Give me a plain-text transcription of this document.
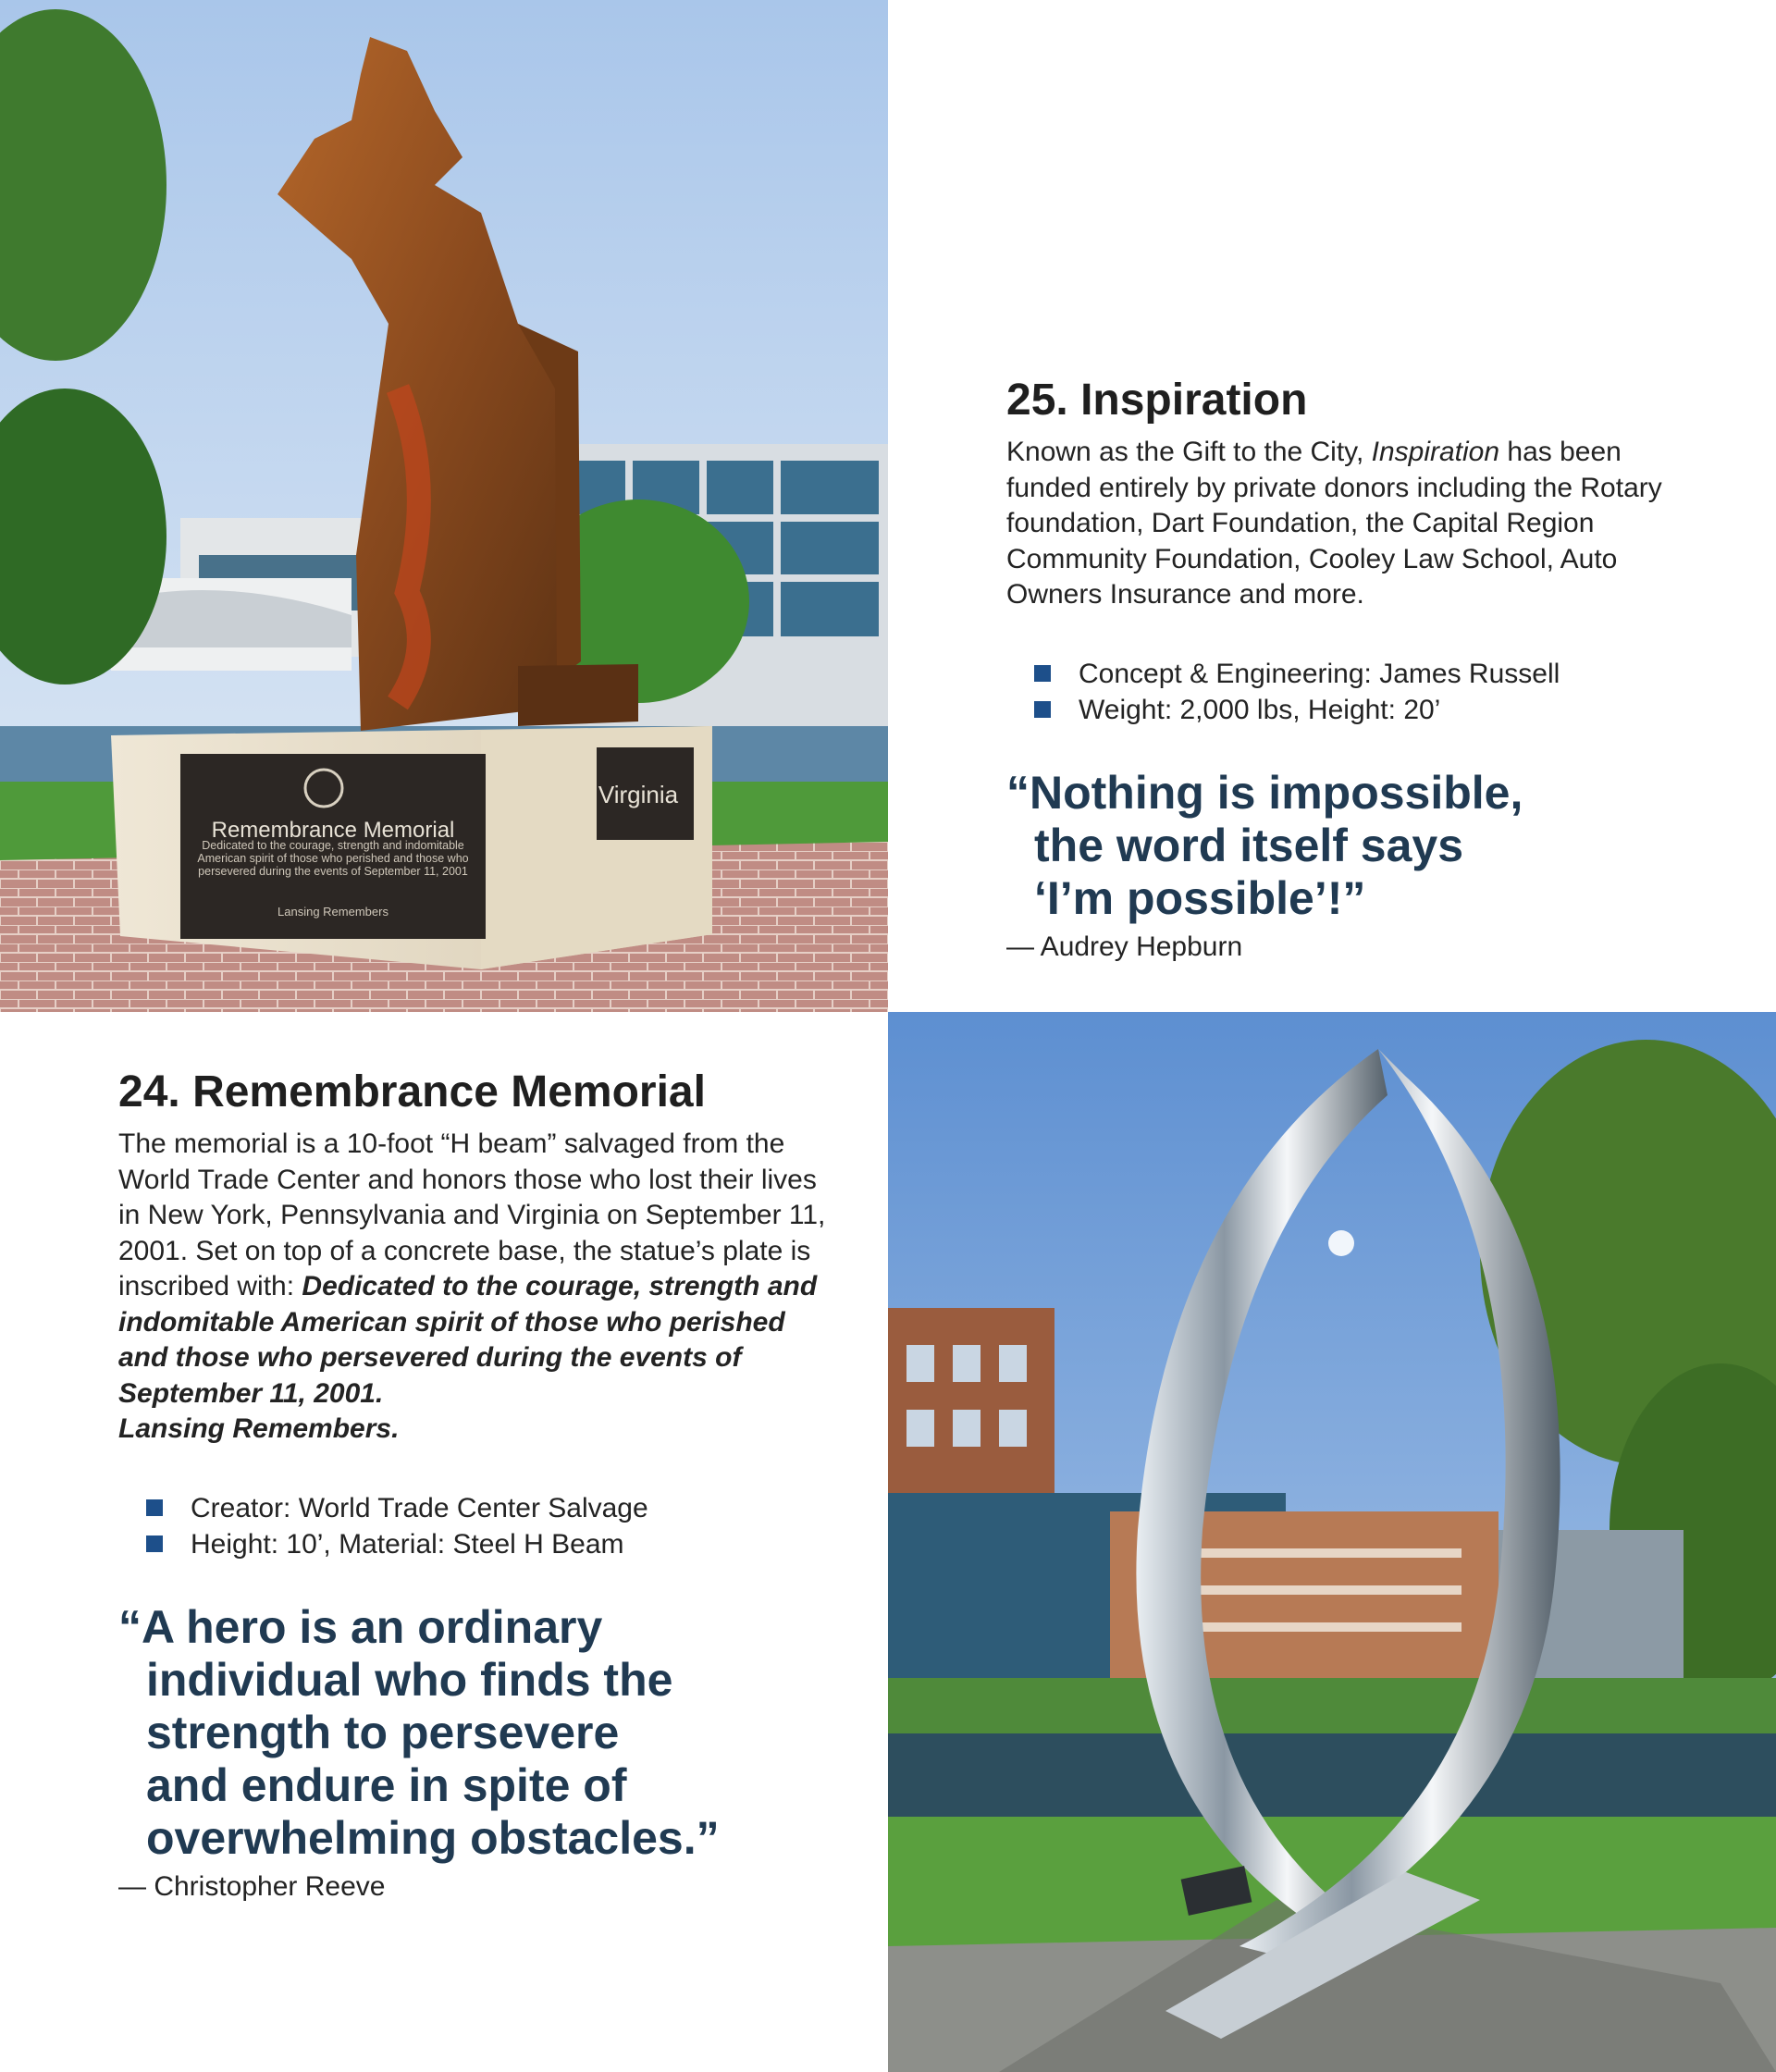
Remembrance Memorial
Dedicated to the courage, strength and indomitable
American spirit of those who perished and those who
persevered during the events of September 11, 2001
Lansing Remembers
Virginia
25. Inspiration

Known as the Gift to the City, Inspiration has been funded entirely by private donors including the Rotary foundation, Dart Foundation, the Capital Region Community Foundation, Cooley Law School, Auto Owners Insurance and more.

Concept & Engineering: James Russell
Weight: 2,000 lbs, Height: 20’
“Nothing is impossible,
the word itself says
‘I’m possible’!”

— Audrey Hepburn

24. Remembrance Memorial

The memorial is a 10-foot “H beam” salvaged from the World Trade Center and honors those who lost their lives in New York, Pennsylvania and Virginia on September 11, 2001. Set on top of a concrete base, the statue’s plate is inscribed with: Dedicated to the courage, strength and indomitable American spirit of those who perished and those who persevered during the events of September 11, 2001.
Lansing Remembers.

Creator: World Trade Center Salvage
Height: 10’, Material: Steel H Beam
“A hero is an ordinary
individual who finds the
strength to persevere
and endure in spite of
overwhelming obstacles.”

— Christopher Reeve
